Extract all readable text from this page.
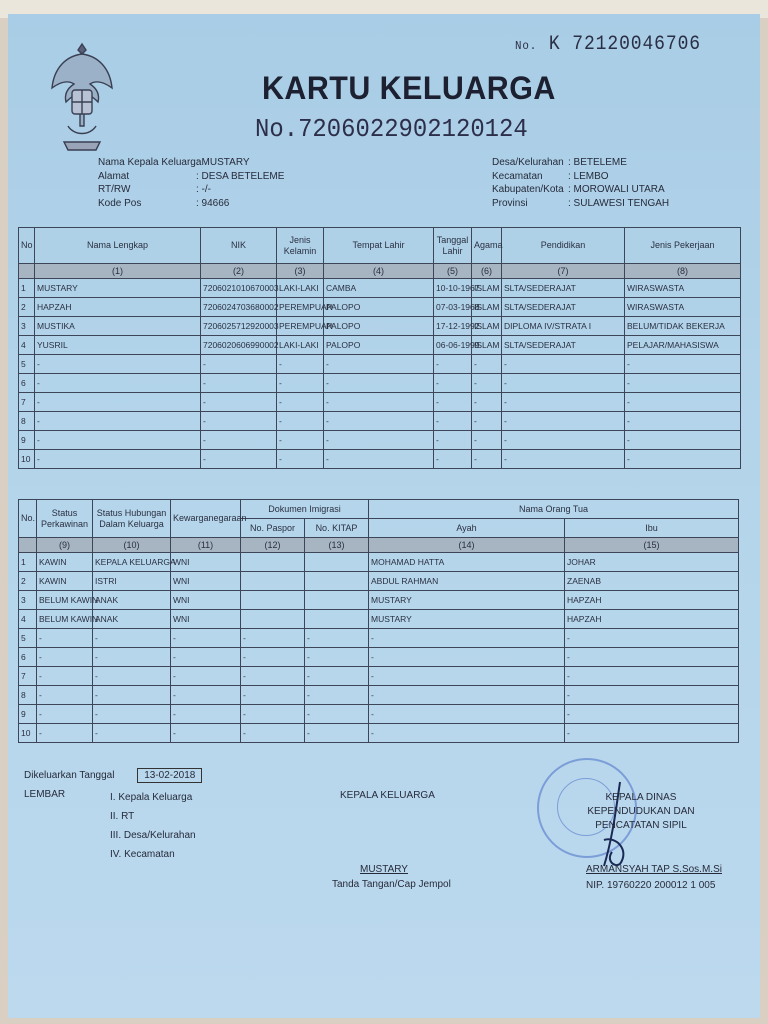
No. K 72120046706
KARTU KELUARGA
No.7206022902120124
Nama Kepala Keluarga
: MUSTARY
Alamat	: DESA BETELEME
RT/RW	: -/-
Kode Pos	: 94666
Desa/Kelurahan : BETELEME
Kecamatan	: LEMBO
Kabupaten/Kota : MOROWALI UTARA
Provinsi	: SULAWESI TENGAH
No	Nama Lengkap	NIK	Jenis Kelamin	Tempat Lahir	Tanggal Lahir	Agama	Pendidikan	Jenis Pekerjaan
	(1)	(2)	(3)	(4)	(5)	(6)	(7)	(8)
1	MUSTARY	7206021010670003	LAKI-LAKI	CAMBA	10-10-1967	ISLAM	SLTA/SEDERAJAT	WIRASWASTA
2	HAPZAH	7206024703680002	PEREMPUAN	PALOPO	07-03-1968	ISLAM	SLTA/SEDERAJAT	WIRASWASTA
3	MUSTIKA	7206025712920003	PEREMPUAN	PALOPO	17-12-1992	ISLAM	DIPLOMA IV/STRATA I	BELUM/TIDAK BEKERJA
4	YUSRIL	7206020606990002	LAKI-LAKI	PALOPO	06-06-1999	ISLAM	SLTA/SEDERAJAT	PELAJAR/MAHASISWA
5	-	-	-	-	-	-	-	-
6	-	-	-	-	-	-	-	-
7	-	-	-	-	-	-	-	-
8	-	-	-	-	-	-	-	-
9	-	-	-	-	-	-	-	-
10	-	-	-	-	-	-	-	-
No.	Status Perkawinan	Status Hubungan Dalam Keluarga	Kewarganegaraan	Dokumen Imigrasi		Nama Orang Tua	
				No. Paspor	No. KITAP	Ayah	Ibu
	(9)	(10)	(11)	(12)	(13)	(14)	(15)
1	KAWIN	KEPALA KELUARGA	WNI			MOHAMAD HATTA	JOHAR
2	KAWIN	ISTRI	WNI			ABDUL RAHMAN	ZAENAB
3	BELUM KAWIN	ANAK	WNI			MUSTARY	HAPZAH
4	BELUM KAWIN	ANAK	WNI			MUSTARY	HAPZAH
5	-	-	-	-	-	-	-
6	-	-	-	-	-	-	-
7	-	-	-	-	-	-	-
8	-	-	-	-	-	-	-
9	-	-	-	-	-	-	-
10	-	-	-	-	-	-	-
Dikeluarkan Tanggal	13-02-2018
LEMBAR	I. Kepala Keluarga
II. RT
III. Desa/Kelurahan
IV. Kecamatan
KEPALA KELUARGA
MUSTARY
Tanda Tangan/Cap Jempol
KEPALA DINAS KEPENDUDUKAN DAN
PENCATATAN SIPIL
ARMANSYAH TAP S.Sos.M.Si
NIP. 19760220 200012 1 005
